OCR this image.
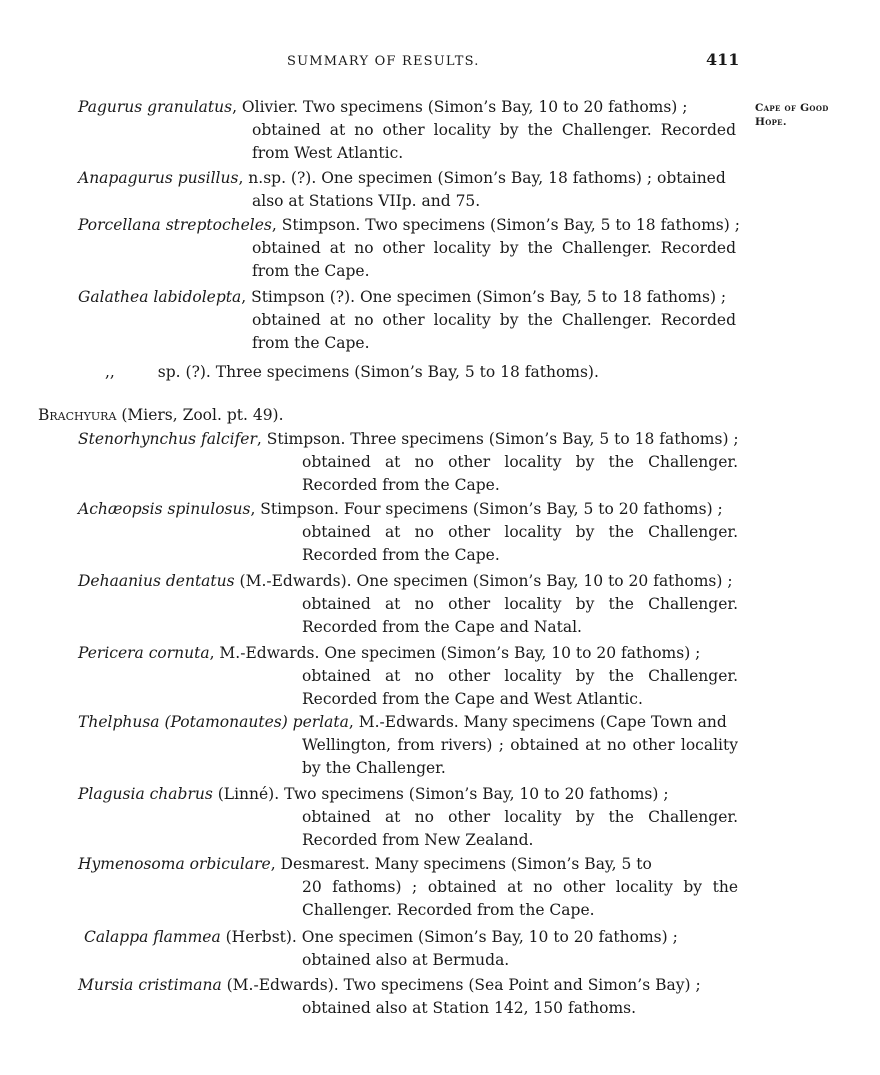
SUMMARY OF RESULTS.	411
Cape of Good
Hope.
Pagurus granulatus, Olivier. Two specimens (Simon’s Bay, 10 to 20 fathoms) ;
obtained at no other locality by the Challenger. Recorded from West Atlantic.
Anapagurus pusillus, n.sp. (?). One specimen (Simon’s Bay, 18 fathoms) ; obtained
also at Stations VIIp. and 75.
Porcellana streptocheles, Stimpson. Two specimens (Simon’s Bay, 5 to 18 fathoms) ;
obtained at no other locality by the Challenger. Recorded from the Cape.
Galathea labidolepta, Stimpson (?). One specimen (Simon’s Bay, 5 to 18 fathoms) ;
obtained at no other locality by the Challenger. Recorded from the Cape.
,,	sp. (?). Three specimens (Simon’s Bay, 5 to 18 fathoms).
Brachyura (Miers, Zool. pt. 49).
Stenorhynchus falcifer, Stimpson. Three specimens (Simon’s Bay, 5 to 18 fathoms) ;
obtained at no other locality by the Challenger. Recorded from the Cape.
Achæopsis spinulosus, Stimpson. Four specimens (Simon’s Bay, 5 to 20 fathoms) ;
obtained at no other locality by the Challenger. Recorded from the Cape.
Dehaanius dentatus (M.-Edwards). One specimen (Simon’s Bay, 10 to 20 fathoms) ;
obtained at no other locality by the Challenger. Recorded from the Cape and Natal.
Pericera cornuta, M.-Edwards. One specimen (Simon’s Bay, 10 to 20 fathoms) ;
obtained at no other locality by the Challenger. Recorded from the Cape and West Atlantic.
Thelphusa (Potamonautes) perlata, M.-Edwards. Many specimens (Cape Town and
Wellington, from rivers) ; obtained at no other locality by the Challenger.
Plagusia chabrus (Linné). Two specimens (Simon’s Bay, 10 to 20 fathoms) ;
obtained at no other locality by the Challenger. Recorded from New Zealand.
Hymenosoma orbiculare, Desmarest. Many specimens (Simon’s Bay, 5 to
20 fathoms) ; obtained at no other locality by the Challenger. Recorded from the Cape.
Calappa flammea (Herbst). One specimen (Simon’s Bay, 10 to 20 fathoms) ;
obtained also at Bermuda.
Mursia cristimana (M.-Edwards). Two specimens (Sea Point and Simon’s Bay) ;
obtained also at Station 142, 150 fathoms.
